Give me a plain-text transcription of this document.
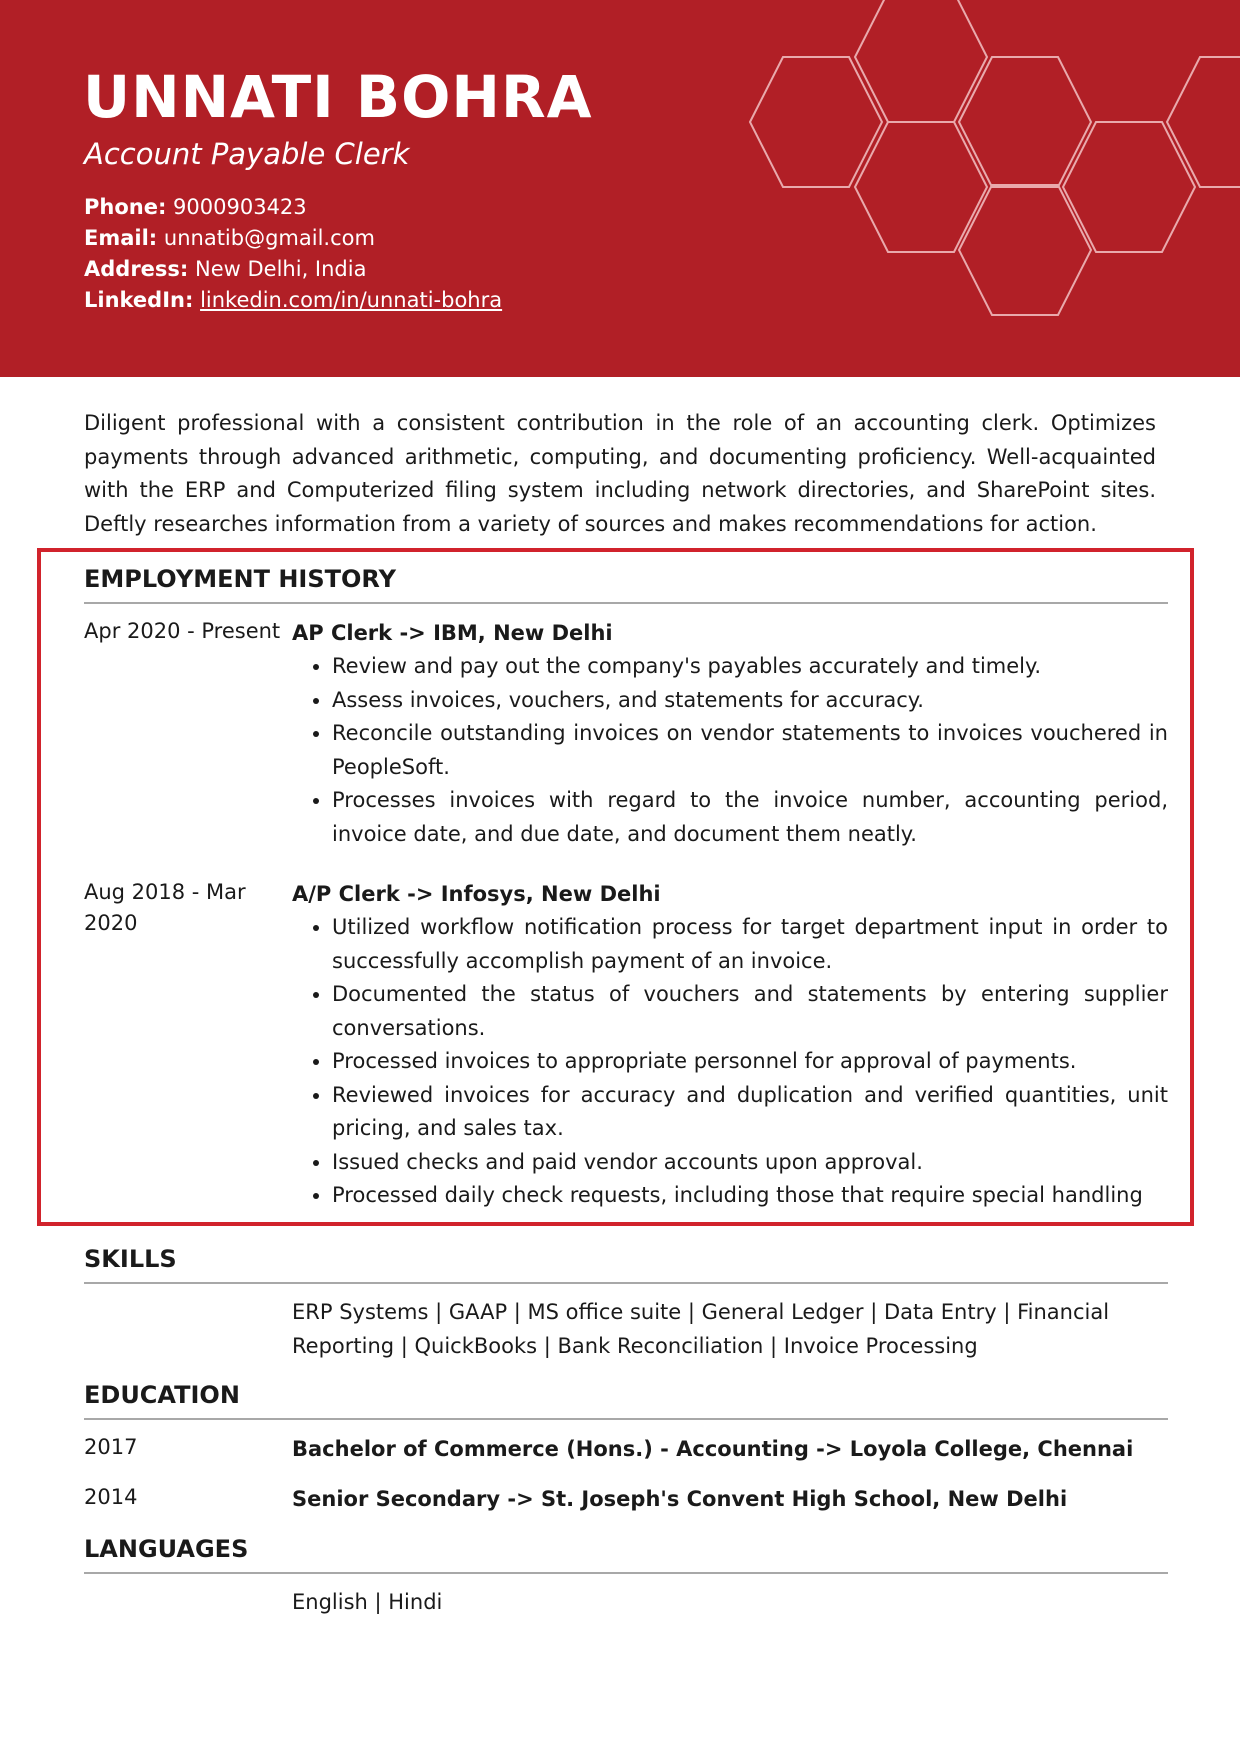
UNNATI BOHRA
Account Payable Clerk
Phone: 9000903423
Email: unnatib@gmail.com
Address: New Delhi, India
LinkedIn: linkedin.com/in/unnati-bohra

Diligent professional with a consistent contribution in the role of an accounting clerk. Optimizes payments through advanced arithmetic, computing, and documenting proficiency. Well-acquainted with the ERP and Computerized filing system including network directories, and SharePoint sites. Deftly researches information from a variety of sources and makes recommendations for action.

EMPLOYMENT HISTORY
Apr 2020 - Present AP Clerk -> IBM, New Delhi
• Review and pay out the company's payables accurately and timely.
• Assess invoices, vouchers, and statements for accuracy.
• Reconcile outstanding invoices on vendor statements to invoices vouchered in PeopleSoft.
• Processes invoices with regard to the invoice number, accounting period, invoice date, and due date, and document them neatly.
Aug 2018 - Mar 2020
A/P Clerk -> Infosys, New Delhi
• Utilized workflow notification process for target department input in order to successfully accomplish payment of an invoice.
• Documented the status of vouchers and statements by entering supplier conversations.
• Processed invoices to appropriate personnel for approval of payments.
• Reviewed invoices for accuracy and duplication and verified quantities, unit pricing, and sales tax.
• Issued checks and paid vendor accounts upon approval.
• Processed daily check requests, including those that require special handling
SKILLS
ERP Systems | GAAP | MS office suite | General Ledger | Data Entry | Financial Reporting | QuickBooks | Bank Reconciliation | Invoice Processing
EDUCATION
2017	Bachelor of Commerce (Hons.) - Accounting -> Loyola College, Chennai
2014	Senior Secondary -> St. Joseph's Convent High School, New Delhi
LANGUAGES
English | Hindi
